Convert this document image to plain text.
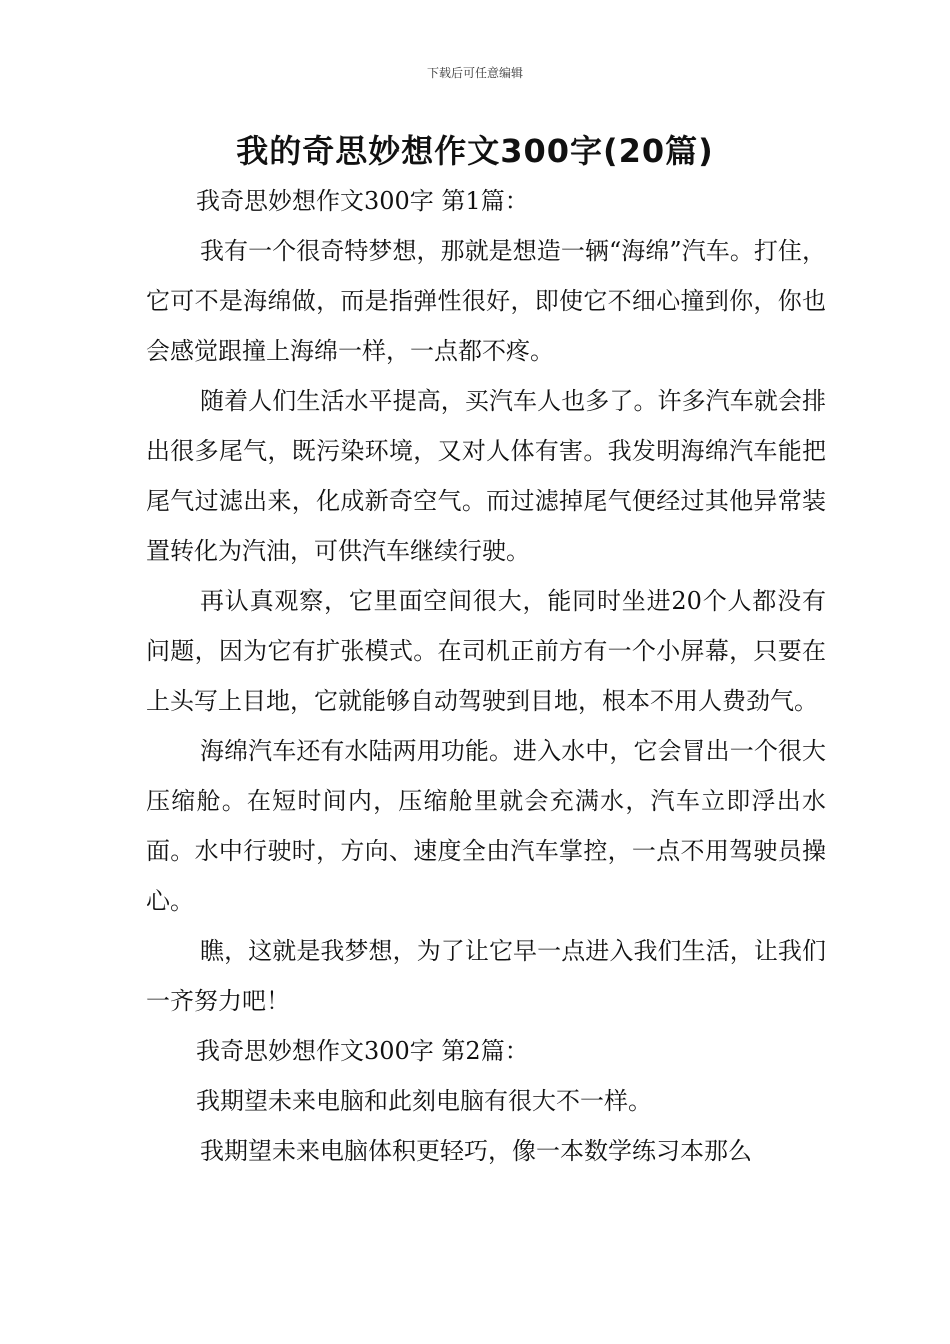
下载后可任意编辑
我的奇思妙想作文300字(20篇)

我奇思妙想作文300字 第1篇：

我有一个很奇特梦想，那就是想造一辆“海绵”汽车。打住，它可不是海绵做，而是指弹性很好，即使它不细心撞到你，你也会感觉跟撞上海绵一样，一点都不疼。

随着人们生活水平提高，买汽车人也多了。许多汽车就会排出很多尾气，既污染环境，又对人体有害。我发明海绵汽车能把尾气过滤出来，化成新奇空气。而过滤掉尾气便经过其他异常装置转化为汽油，可供汽车继续行驶。

再认真观察，它里面空间很大，能同时坐进20个人都没有问题，因为它有扩张模式。在司机正前方有一个小屏幕，只要在上头写上目地，它就能够自动驾驶到目地，根本不用人费劲气。

海绵汽车还有水陆两用功能。进入水中，它会冒出一个很大压缩舱。在短时间内，压缩舱里就会充满水，汽车立即浮出水面。水中行驶时，方向、速度全由汽车掌控，一点不用驾驶员操心。

瞧，这就是我梦想，为了让它早一点进入我们生活，让我们一齐努力吧！

我奇思妙想作文300字 第2篇：

我期望未来电脑和此刻电脑有很大不一样。

我期望未来电脑体积更轻巧，像一本数学练习本那么
